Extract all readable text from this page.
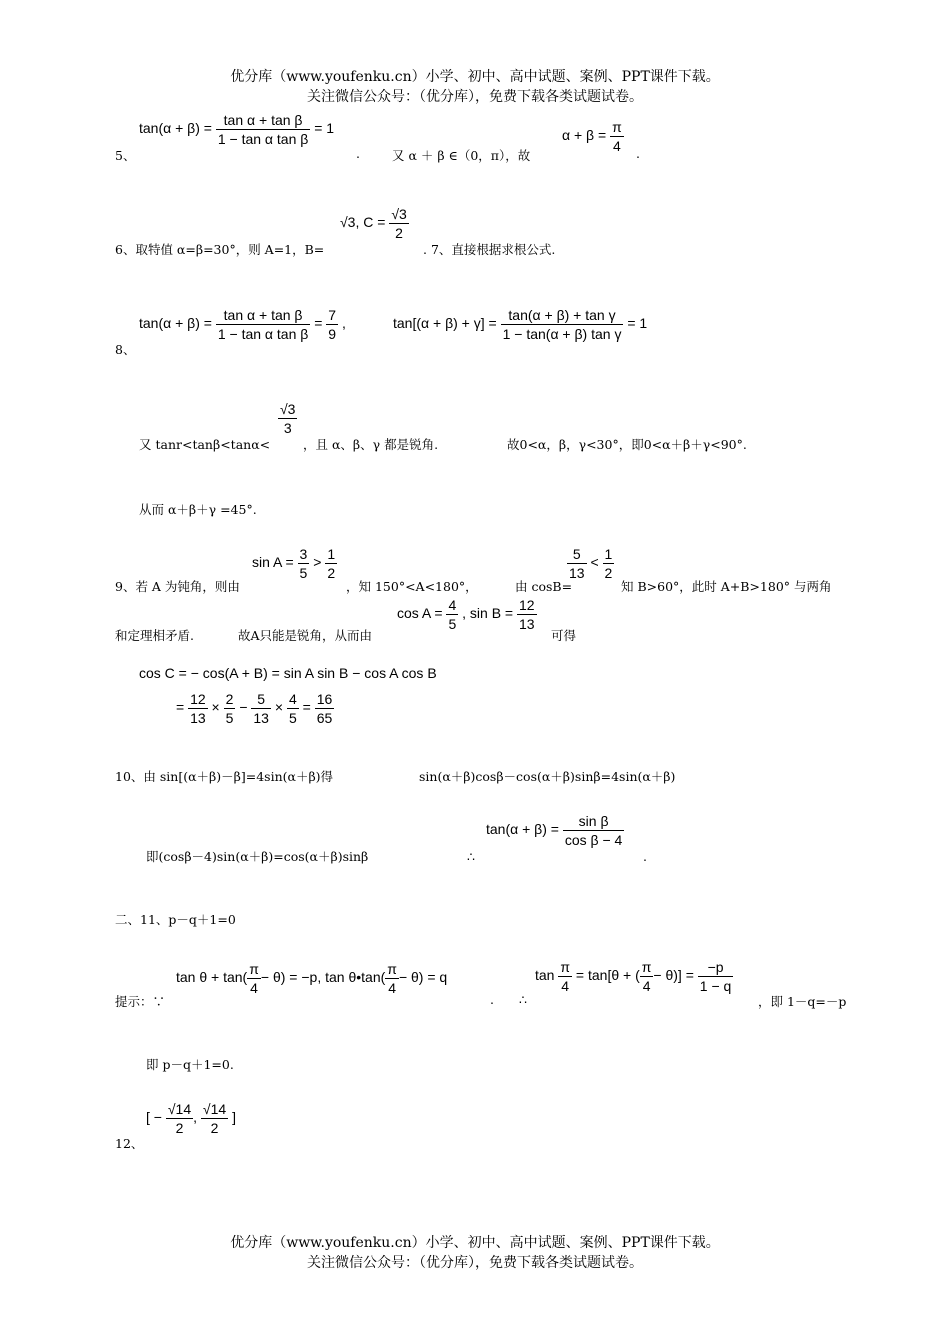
优分库（www.youfenku.cn）小学、初中、高中试题、案例、PPT课件下载。
关注微信公众号：（优分库），免费下载各类试题试卷。
5、
$\tan(\alpha + \beta) = \frac{\text{tan α + tan β}}{\text{1 − tan α tan β}} = 1$
.	又 α ＋ β ∈（0，π），故
$\alpha + \beta = \frac{\pi}{4}$ .
6、取特值 α=β=30°，则 A=1，B=
√3, $C = \frac{√3}{2}$
. 7、直接根据求根公式.
8、
$\tan(\alpha + \beta) = \frac{\text{tan α + tan β}}{\text{1 − tan α tan β}} = \frac{7}{9}$ ,	$\tan[(\alpha + \beta) + \gamma] = \frac{\text{tan(α + β) + tan γ}}{\text{1 − tan(α + β) tan γ}} = 1$
又 tanr<tanβ<tanα<
$\frac{√3}{3}$
，且 α、β、γ 都是锐角.	故0<α，β，γ<30°，即0<α＋β＋γ<90°.
从而 α＋β＋γ =45°.
9、若 A 为钝角，则由
$\sin A = \frac{3}{5} > \frac{1}{2}$
，知 150°<A<180°，	由 cosB=
$\frac{5}{13} < \frac{1}{2}$
知 B>60°，此时 A+B>180° 与两角
和定理相矛盾.	故A只能是锐角，从而由
$\cos A = \frac{4}{5}$ , $\sin B = \frac{12}{13}$
可得
cos C = − cos(A + B) = sin A sin B − cos A cos B
= $\frac{12}{13} \times \frac{2}{5} - \frac{5}{13} \times \frac{4}{5} = \frac{16}{65}$
10、由 sin[(α＋β)－β]=4sin(α＋β)得	sin(α＋β)cosβ－cos(α＋β)sinβ=4sin(α＋β)
即(cosβ－4)sin(α＋β)=cos(α＋β)sinβ	∴
$\tan(\alpha + \beta) = \frac{\text{sin β}}{\text{cos β − 4}}$
.
二、11、p－q＋1=0
提示：∵
$\tan \theta + \tan( \frac{\pi}{4} - \theta) = -p$, tan θ•tan( $\frac{\pi}{4} - \theta) = q$
. ∴
$\tan \frac{\pi}{4} = \tan[\theta$ + ( $\frac{\pi}{4} - \theta)] = \frac{-p}{1 - q}$
，即 1－q=－p
即 p－q＋1=0.
12、
[ − $\frac{√14}{2}$ , $\frac{√14}{2}$ ]
优分库（www.youfenku.cn）小学、初中、高中试题、案例、PPT课件下载。
关注微信公众号：（优分库），免费下载各类试题试卷。
